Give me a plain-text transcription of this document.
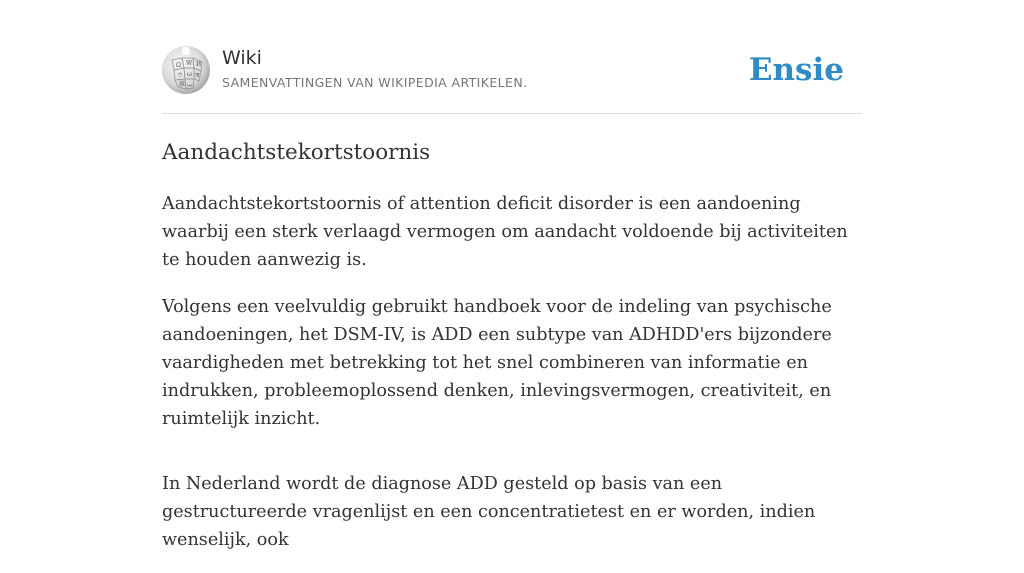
Ω W И
ウ ω ज
維 ب
Wiki
SAMENVATTINGEN VAN WIKIPEDIA ARTIKELEN.	Ensie
Aandachtstekortstoornis

Aandachtstekortstoornis of attention deficit disorder is een aandoening waarbij een sterk verlaagd vermogen om aandacht voldoende bij activiteiten te houden aanwezig is.

Volgens een veelvuldig gebruikt handboek voor de indeling van psychische aandoeningen, het DSM-IV, is ADD een subtype van ADHDD'ers bijzondere vaardigheden met betrekking tot het snel combineren van informatie en indrukken, probleemoplossend denken, inlevingsvermogen, creativiteit, en ruimtelijk inzicht.

In Nederland wordt de diagnose ADD gesteld op basis van een gestructureerde vragenlijst en een concentratietest en er worden, indien wenselijk, ook
